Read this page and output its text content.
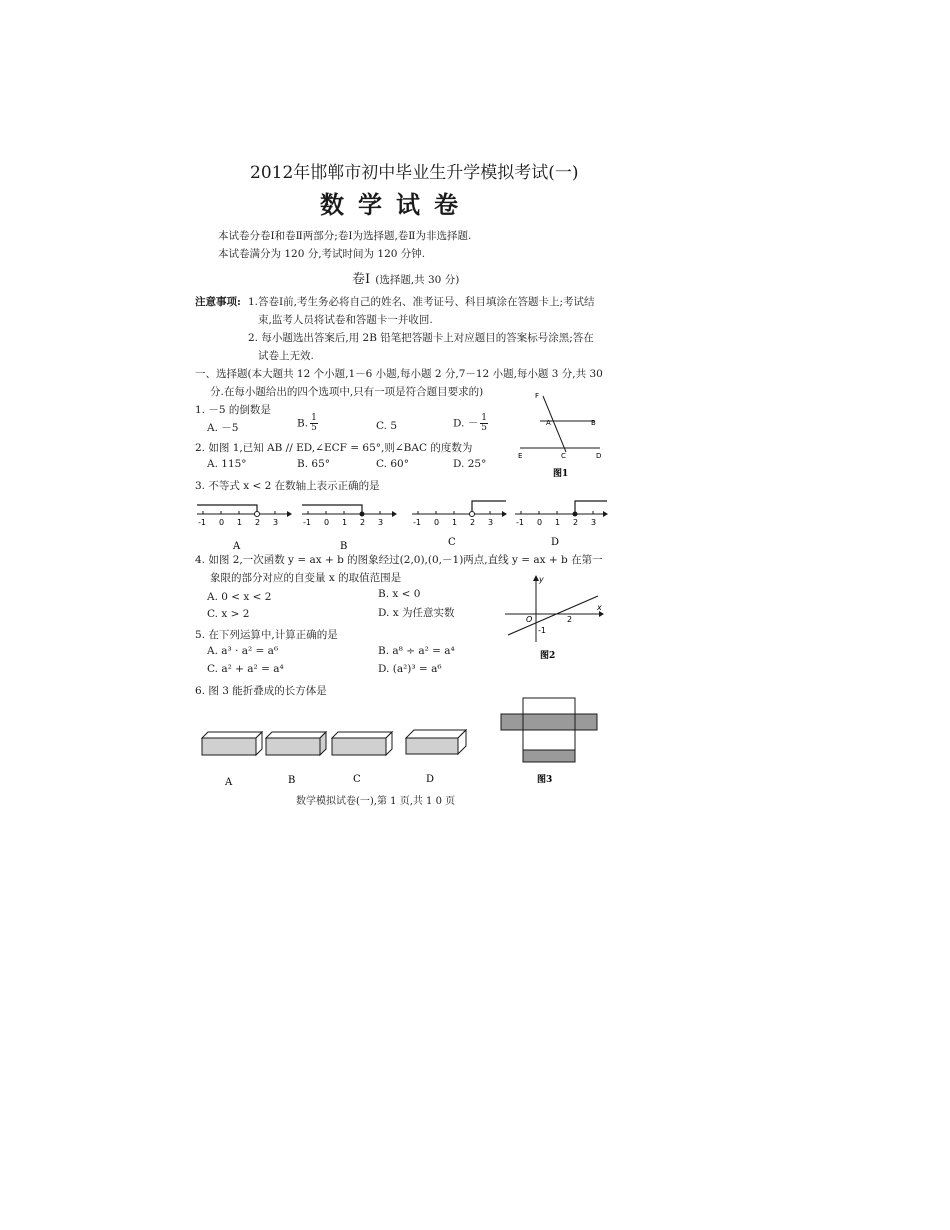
2012年邯郸市初中毕业生升学模拟考试(一)
数学试卷
本试卷分卷Ⅰ和卷Ⅱ两部分;卷Ⅰ为选择题,卷Ⅱ为非选择题.
本试卷满分为 120 分,考试时间为 120 分钟.
卷Ⅰ (选择题,共 30 分)
注意事项: 1.答卷Ⅰ前,考生务必将自己的姓名、准考证号、科目填涂在答题卡上;考试结
束,监考人员将试卷和答题卡一并收回.
2. 每小题选出答案后,用 2B 铅笔把答题卡上对应题目的答案标号涂黑;答在
试卷上无效.
一、选择题(本大题共 12 个小题,1－6 小题,每小题 2 分,7－12 小题,每小题 3 分,共 30
分.在每小题给出的四个选项中,只有一项是符合题目要求的)
1. －5 的倒数是
A. －5	B. $\frac{1}{5}$	C. 5	D. － $\frac{1}{5}$
F
A	B
E	C	D
图1
2. 如图 1,已知 AB // ED,∠ECF = 65°,则∠BAC 的度数为
A. 115°	B. 65°	C. 60°	D. 25°
3. 不等式 x < 2 在数轴上表示正确的是
-1 0 1 2 3
A
-1 0 1 2 3
B
-1 0 1 2 3
C
-1 0 1 2 3
D
4. 如图 2,一次函数 y = ax + b 的图象经过(2,0),(0,－1)两点,直线 y = ax + b 在第一
象限的部分对应的自变量 x 的取值范围是
A. 0 < x < 2	B. x < 0
C. x > 2	D. x 为任意实数
y
x
O	2
-1
图2
5. 在下列运算中,计算正确的是
A. a³ · a² = a⁶	B. a⁸ ÷ a² = a⁴
C. a² + a² = a⁴	D. (a²)³ = a⁶
6. 图 3 能折叠成的长方体是
A	B	C	D	图3
数学模拟试卷(一),第 1 页,共 1 0 页
